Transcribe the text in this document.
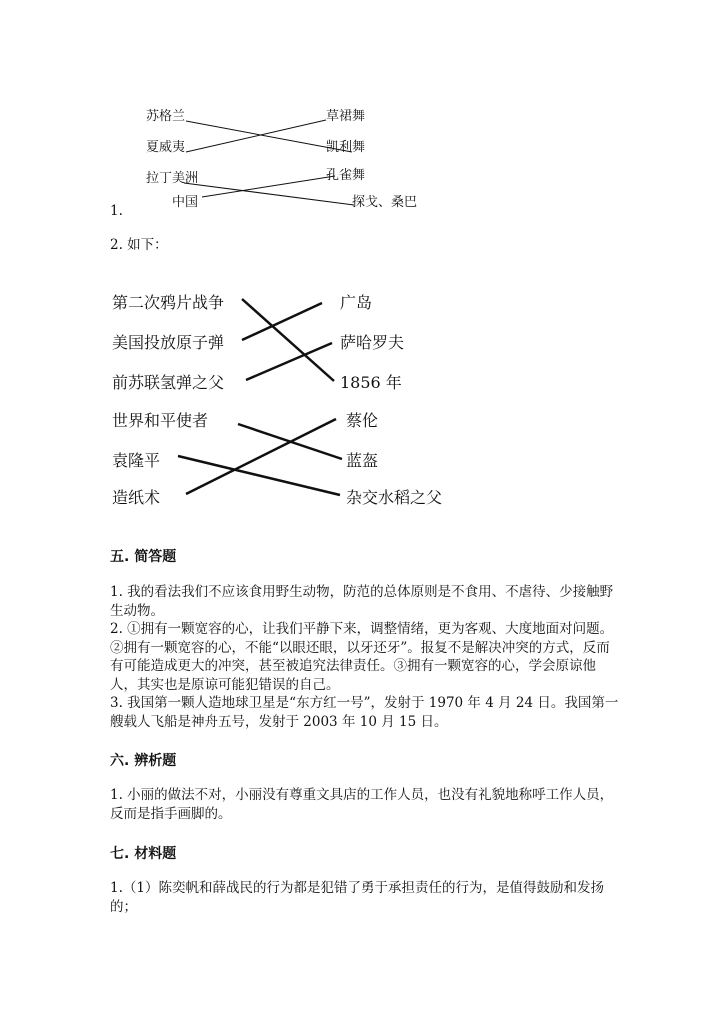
苏格兰
夏威夷
拉丁美洲
中国
草裙舞
凯利舞
孔雀舞
探戈、桑巴
1.
2. 如下：
第二次鸦片战争
美国投放原子弹
前苏联氢弹之父
广岛
萨哈罗夫
1856 年
世界和平使者
袁隆平
造纸术
蔡伦
蓝盔
杂交水稻之父
五. 简答题
1. 我的看法我们不应该食用野生动物，防范的总体原则是不食用、不虐待、少接触野生动物。
2. ①拥有一颗宽容的心，让我们平静下来，调整情绪，更为客观、大度地面对问题。②拥有一颗宽容的心，不能“以眼还眼，以牙还牙”。报复不是解决冲突的方式，反而有可能造成更大的冲突，甚至被追究法律责任。③拥有一颗宽容的心，学会原谅他人，其实也是原谅可能犯错误的自己。
3. 我国第一颗人造地球卫星是“东方红一号”，发射于 1970 年 4 月 24 日。我国第一艘载人飞船是神舟五号，发射于 2003 年 10 月 15 日。
六. 辨析题
1. 小丽的做法不对，小丽没有尊重文具店的工作人员，也没有礼貌地称呼工作人员，反而是指手画脚的。
七. 材料题
1.（1）陈奕帆和薛战民的行为都是犯错了勇于承担责任的行为，是值得鼓励和发扬的；
